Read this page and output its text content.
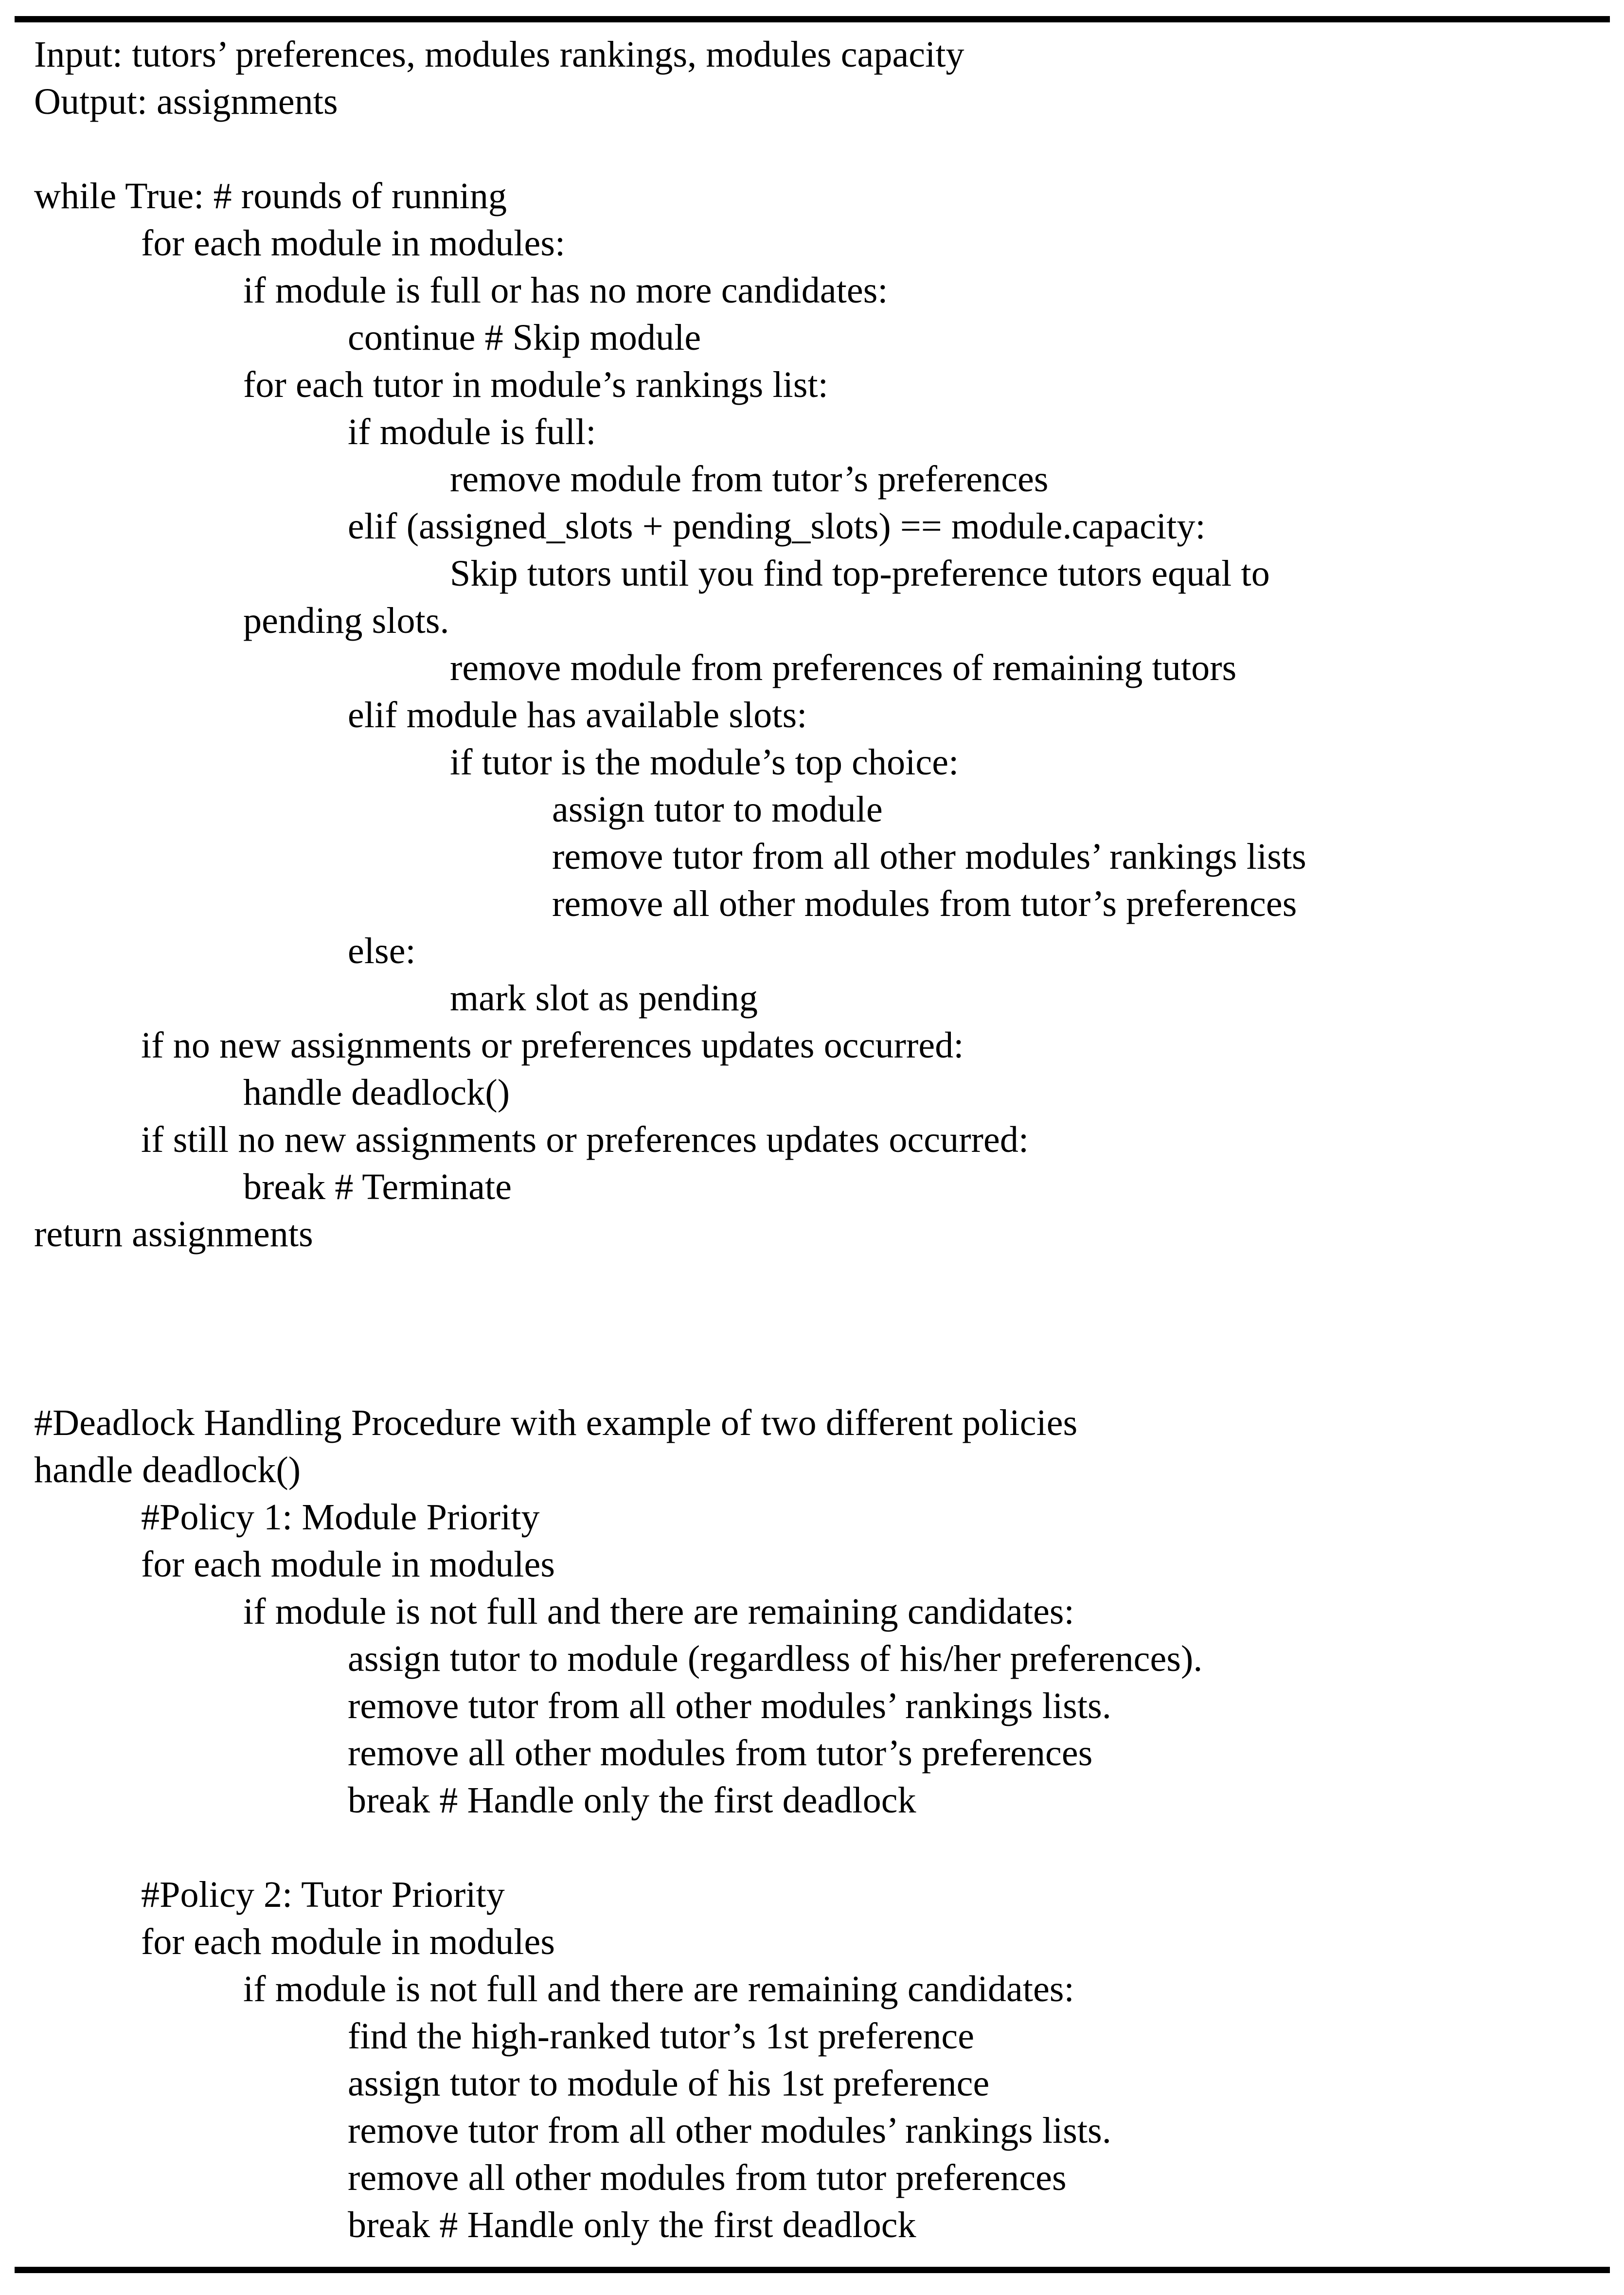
Input: tutors’ preferences, modules rankings, modules capacity
Output: assignments
while True: # rounds of running
for each module in modules:
if module is full or has no more candidates:
continue # Skip module
for each tutor in module’s rankings list:
if module is full:
remove module from tutor’s preferences
elif (assigned_slots + pending_slots) == module.capacity:
Skip tutors until you find top-preference tutors equal to
pending slots.
remove module from preferences of remaining tutors
elif module has available slots:
if tutor is the module’s top choice:
assign tutor to module
remove tutor from all other modules’ rankings lists
remove all other modules from tutor’s preferences
else:
mark slot as pending
if no new assignments or preferences updates occurred:
handle deadlock()
if still no new assignments or preferences updates occurred:
break # Terminate
return assignments
#Deadlock Handling Procedure with example of two different policies
handle deadlock()
#Policy 1: Module Priority
for each module in modules
if module is not full and there are remaining candidates:
assign tutor to module (regardless of his/her preferences).
remove tutor from all other modules’ rankings lists.
remove all other modules from tutor’s preferences
break # Handle only the first deadlock
#Policy 2: Tutor Priority
for each module in modules
if module is not full and there are remaining candidates:
find the high-ranked tutor’s 1st preference
assign tutor to module of his 1st preference
remove tutor from all other modules’ rankings lists.
remove all other modules from tutor preferences
break # Handle only the first deadlock
